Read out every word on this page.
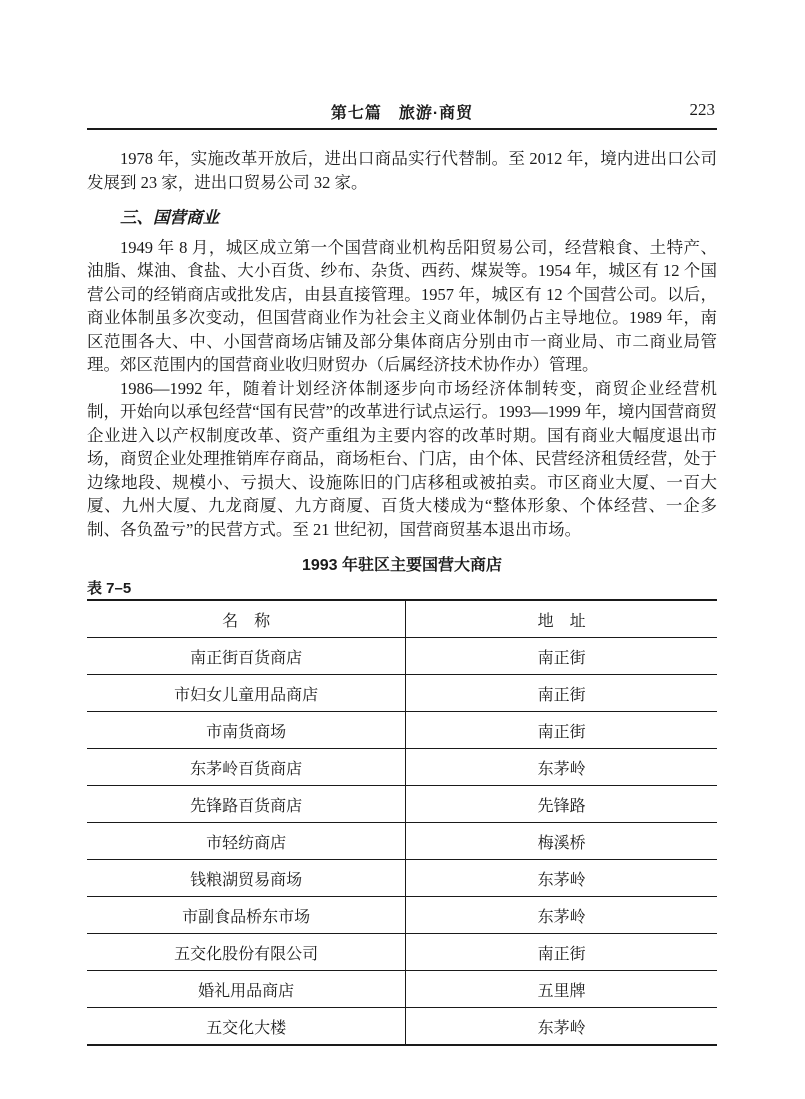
第七篇　旅游·商贸	223

1978 年，实施改革开放后，进出口商品实行代替制。至 2012 年，境内进出口公司发展到 23 家，进出口贸易公司 32 家。

三、国营商业

1949 年 8 月，城区成立第一个国营商业机构岳阳贸易公司，经营粮食、土特产、油脂、煤油、食盐、大小百货、纱布、杂货、西药、煤炭等。1954 年，城区有 12 个国营公司的经销商店或批发店，由县直接管理。1957 年，城区有 12 个国营公司。以后，商业体制虽多次变动，但国营商业作为社会主义商业体制仍占主导地位。1989 年，南区范围各大、中、小国营商场店铺及部分集体商店分别由市一商业局、市二商业局管理。郊区范围内的国营商业收归财贸办（后属经济技术协作办）管理。

1986—1992 年，随着计划经济体制逐步向市场经济体制转变，商贸企业经营机制，开始向以承包经营“国有民营”的改革进行试点运行。1993—1999 年，境内国营商贸企业进入以产权制度改革、资产重组为主要内容的改革时期。国有商业大幅度退出市场，商贸企业处理推销库存商品，商场柜台、门店，由个体、民营经济租赁经营，处于边缘地段、规模小、亏损大、设施陈旧的门店移租或被拍卖。市区商业大厦、一百大厦、九州大厦、九龙商厦、九方商厦、百货大楼成为“整体形象、个体经营、一企多制、各负盈亏”的民营方式。至 21 世纪初，国营商贸基本退出市场。

1993 年驻区主要国营大商店
表 7–5
名　称	地　址
南正街百货商店	南正街
市妇女儿童用品商店	南正街
市南货商场	南正街
东茅岭百货商店	东茅岭
先锋路百货商店	先锋路
市轻纺商店	梅溪桥
钱粮湖贸易商场	东茅岭
市副食品桥东市场	东茅岭
五交化股份有限公司	南正街
婚礼用品商店	五里牌
五交化大楼	东茅岭
